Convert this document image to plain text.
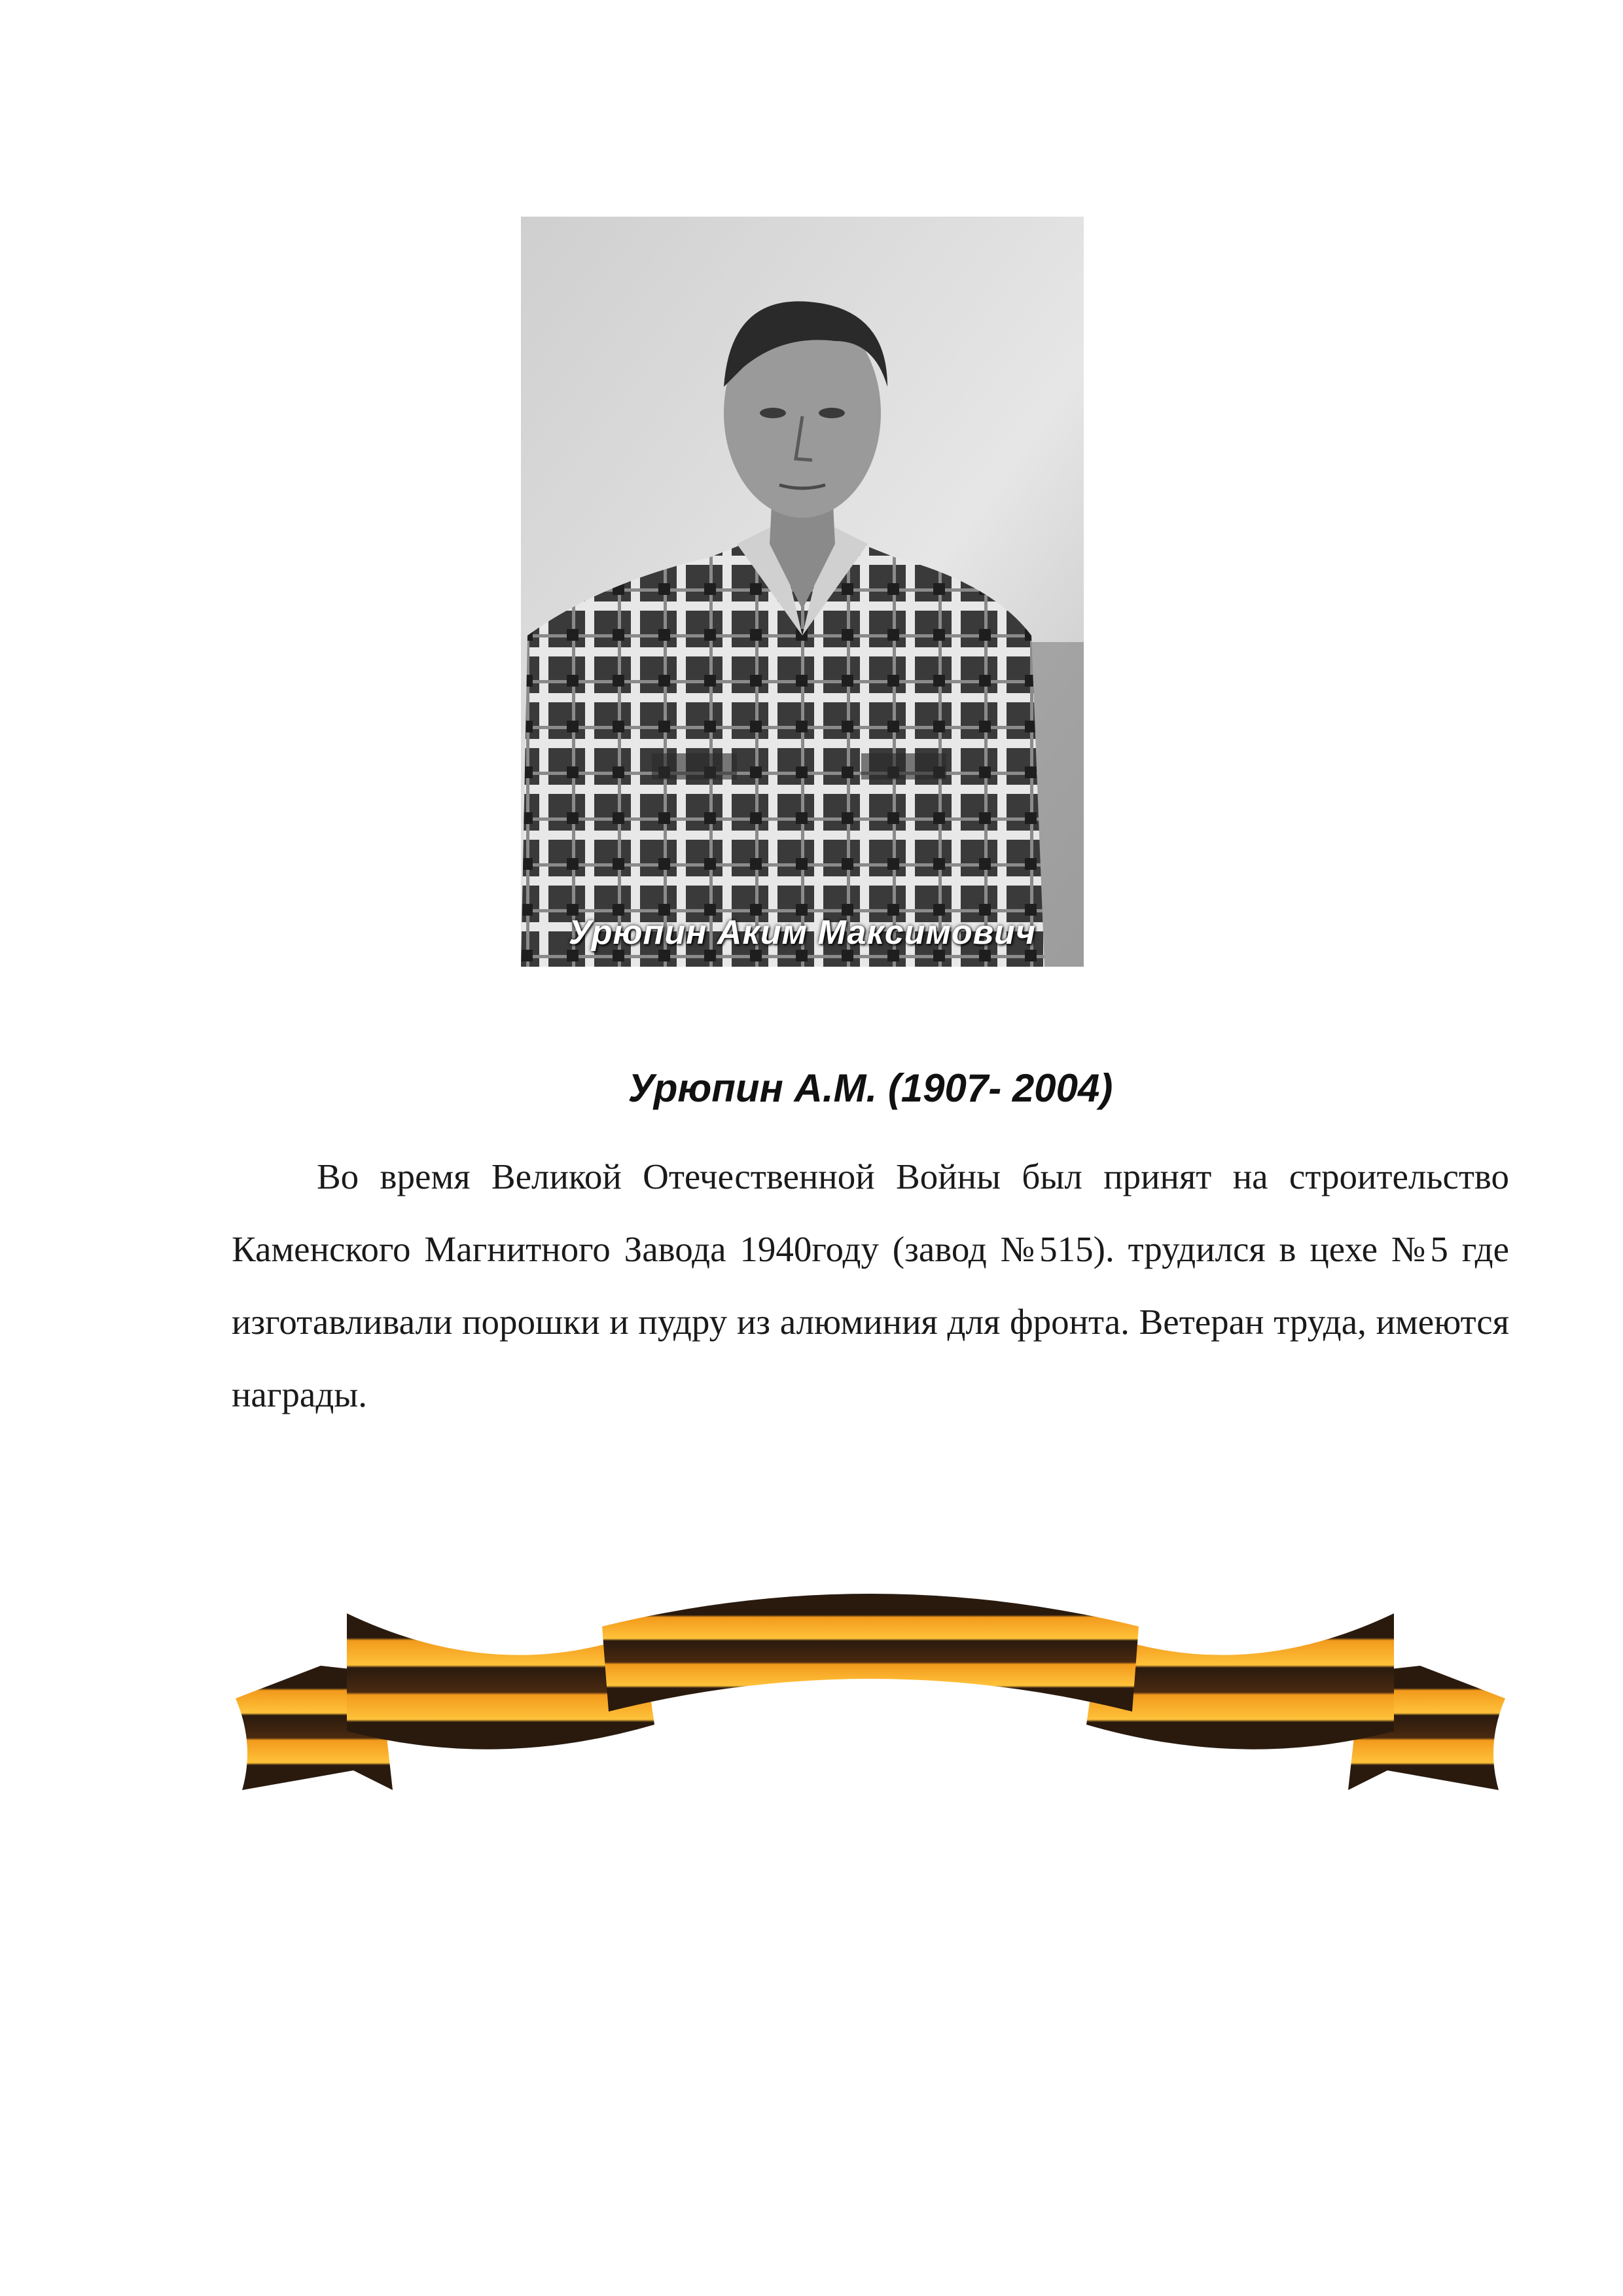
Урюпин Аким Максимович
Урюпин А.М. (1907- 2004)

Во время Великой Отечественной Войны был принят на строительство Каменского Магнитного Завода 1940году (завод №515). трудился в цехе №5 где изготавливали порошки и пудру из алюминия для фронта. Ветеран труда, имеются награды.
